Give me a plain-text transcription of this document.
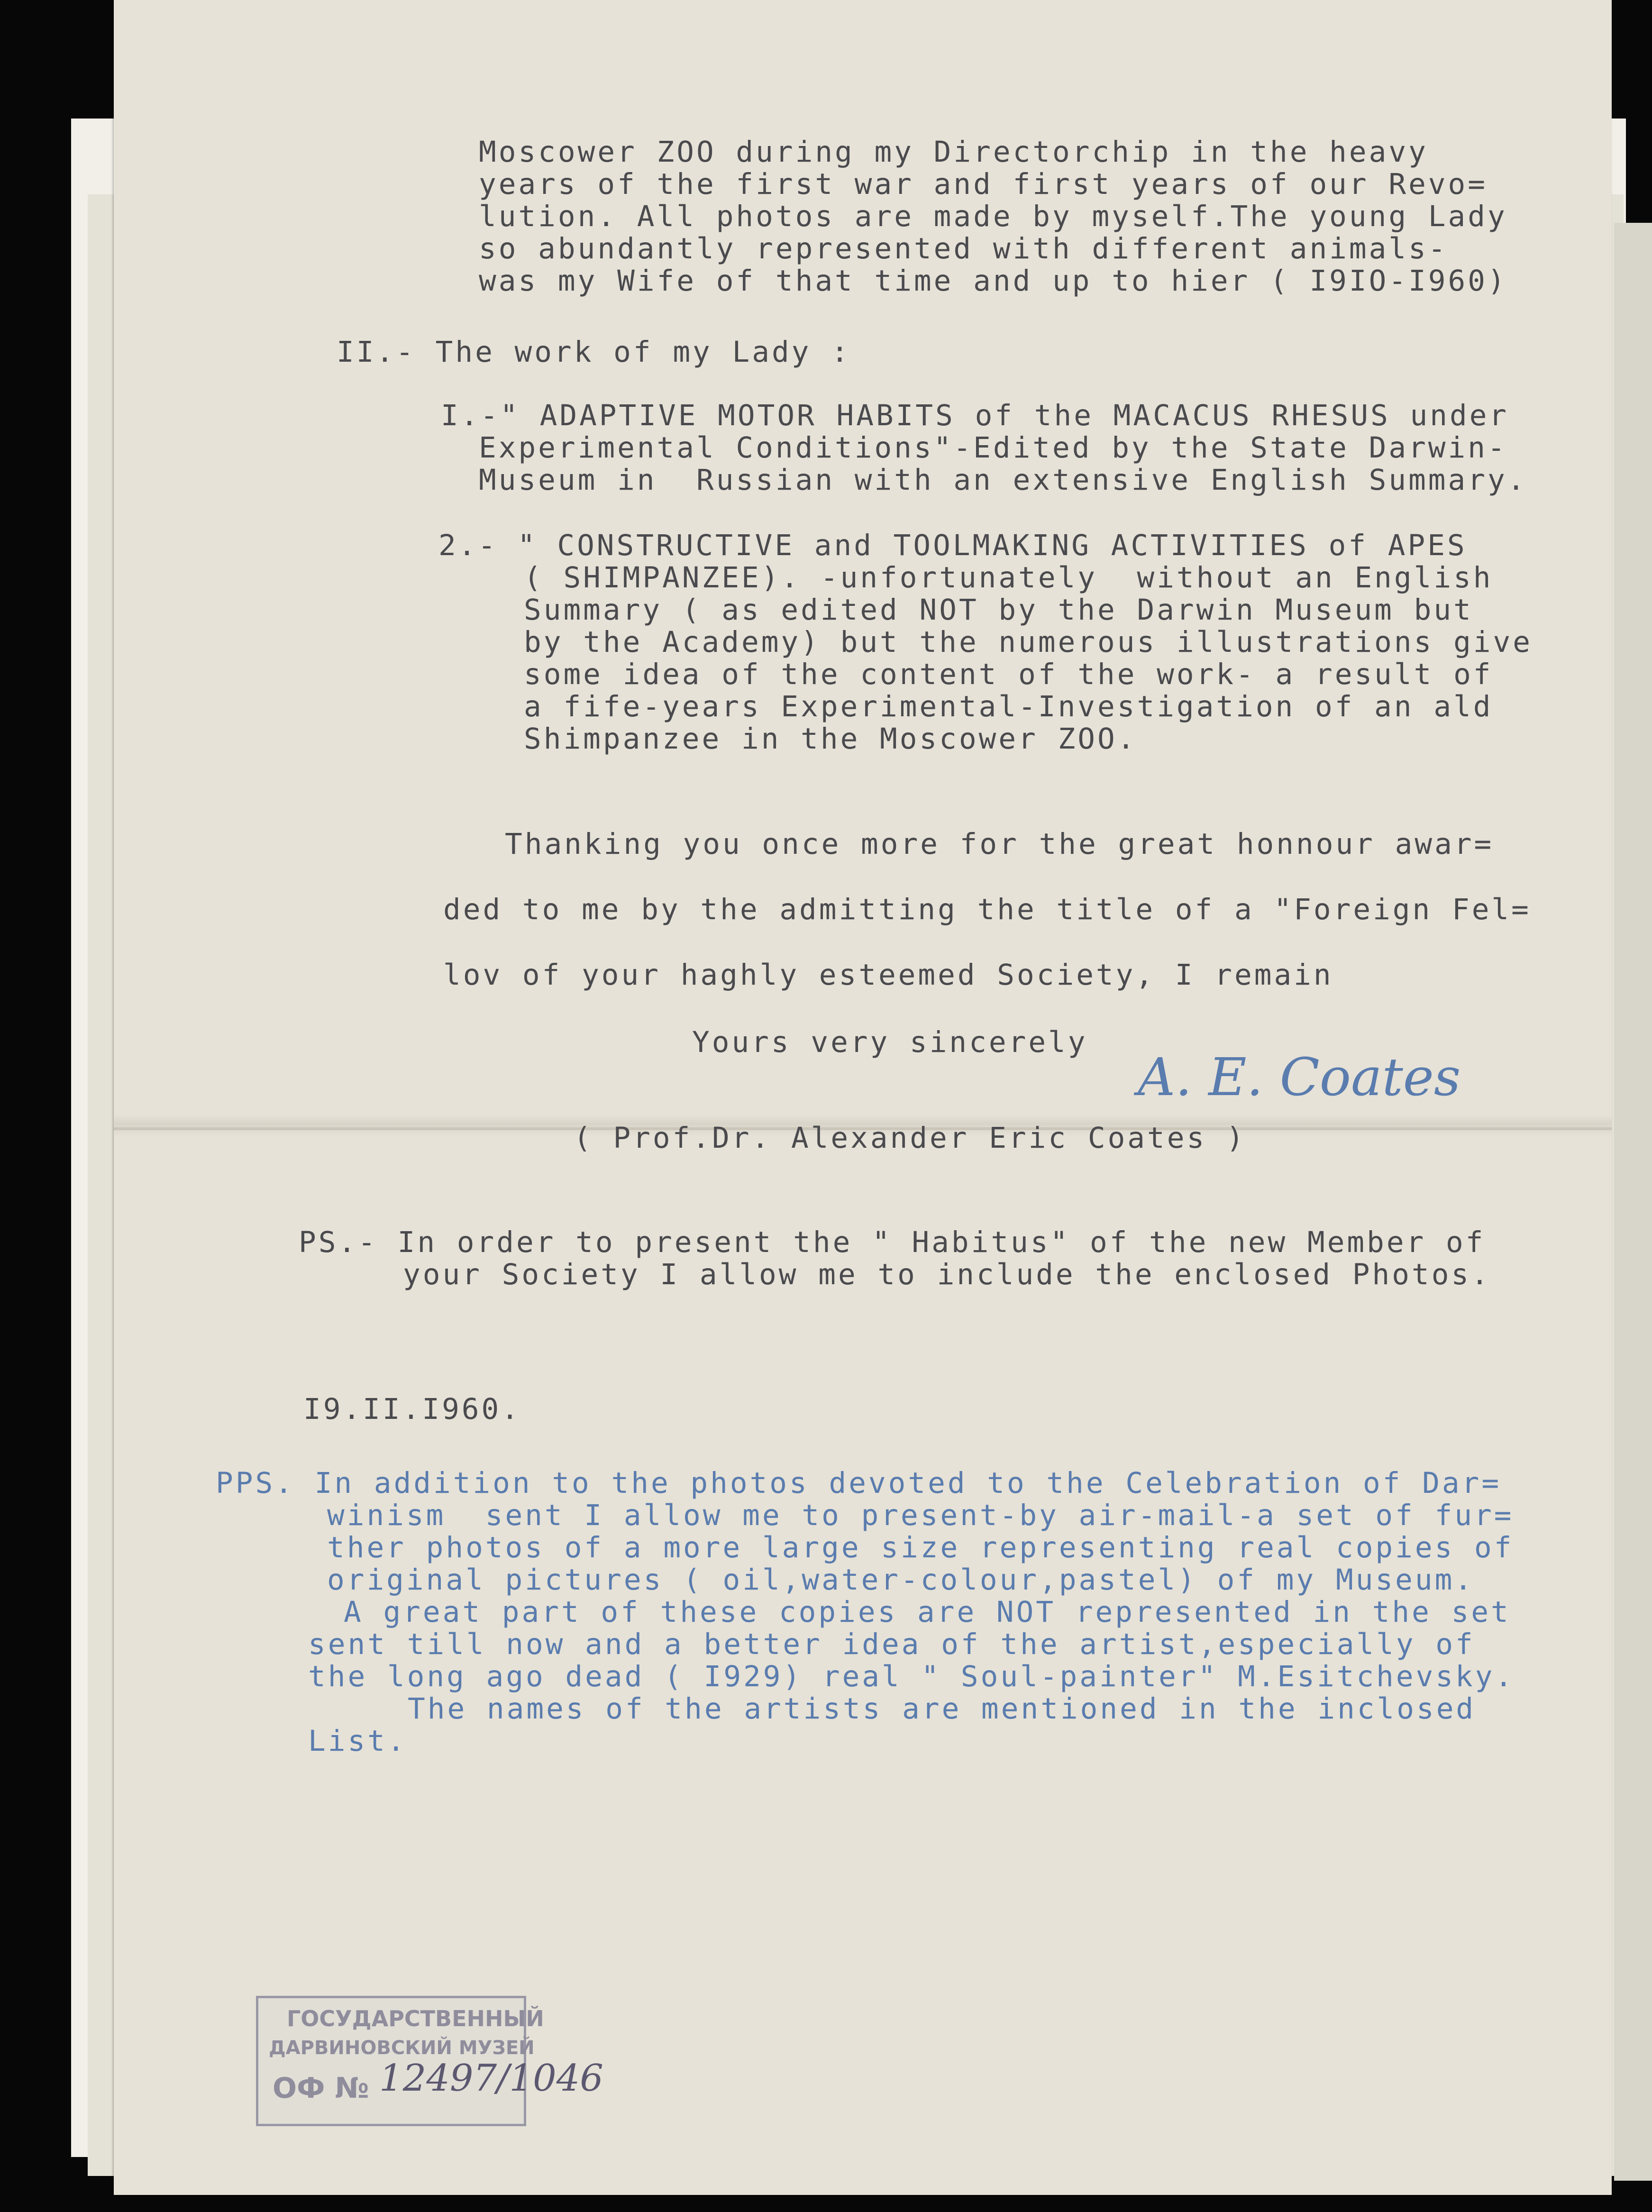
Moscower ZOO during my Directorchip in the heavy

years of the first war and first years of our Revo=

lution. All photos are made by myself.The young Lady

so abundantly represented with different animals-

was my Wife of that time and up to hier ( I9IO-I960)

II.- The work of my Lady :

I.-" ADAPTIVE MOTOR HABITS of the MACACUS RHESUS under

Experimental Conditions"-Edited by the State Darwin-

Museum in  Russian with an extensive English Summary.

2.- " CONSTRUCTIVE and TOOLMAKING ACTIVITIES of APES

( SHIMPANZEE). -unfortunately  without an English

Summary ( as edited NOT by the Darwin Museum but

by the Academy) but the numerous illustrations give

some idea of the content of the work- a result of

a fife-years Experimental-Investigation of an ald

Shimpanzee in the Moscower ZOO.

Thanking you once more for the great honnour awar=

ded to me by the admitting the title of a "Foreign Fel=

lov of your haghly esteemed Society, I remain

Yours very sincerely

A. E. Coates

( Prof.Dr. Alexander Eric Coates )

PS.- In order to present the " Habitus" of the new Member of

your Society I allow me to include the enclosed Photos.

I9.II.I960.

PPS. In addition to the photos devoted to the Celebration of Dar=

winism  sent I allow me to present-by air-mail-a set of fur=

ther photos of a more large size representing real copies of

original pictures ( oil,water-colour,pastel) of my Museum.

A great part of these copies are NOT represented in the set

sent till now and a better idea of the artist,especially of

the long ago dead ( I929) real " Soul-painter" M.Esitchevsky.

The names of the artists are mentioned in the inclosed

List.

ГОСУДАРСТВЕННЫЙ
ДАРВИНОВСКИЙ МУЗЕЙ
ОФ № 12497/1046
